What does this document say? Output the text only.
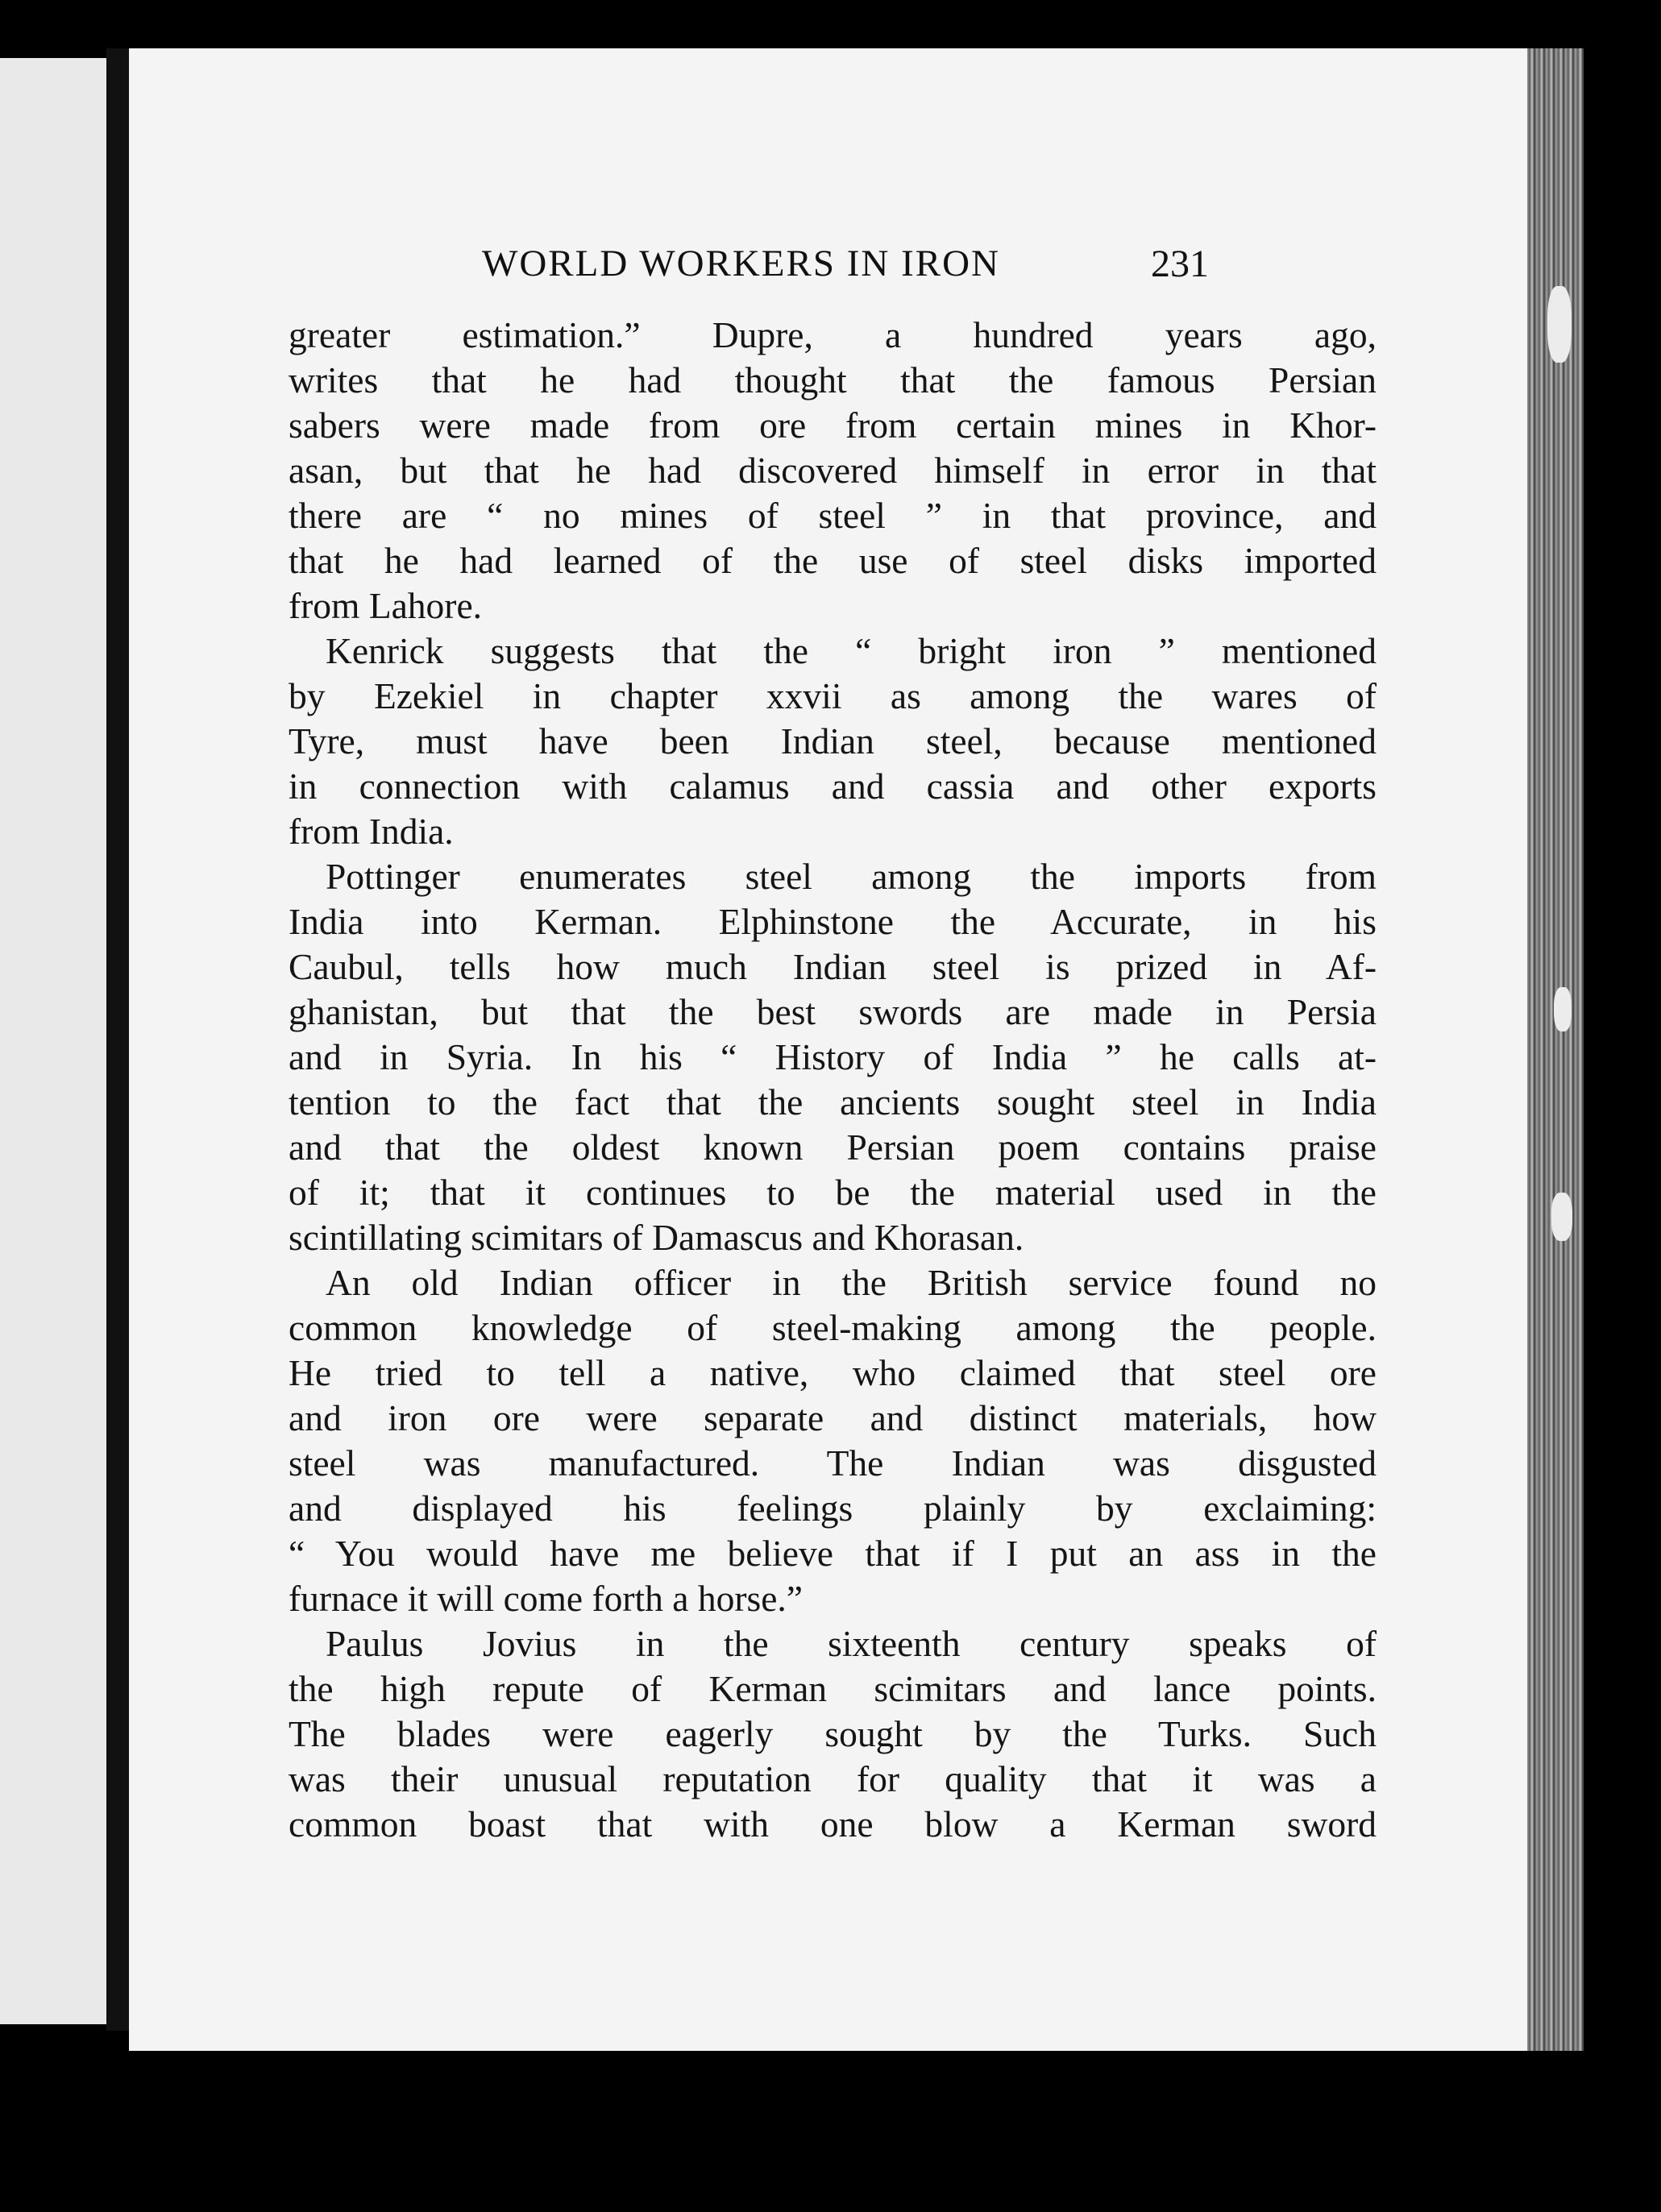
WORLD WORKERS IN IRON	231
greater estimation.” Dupre, a hundred years ago,
writes that he had thought that the famous Persian
sabers were made from ore from certain mines in Khor-
asan, but that he had discovered himself in error in that
there are “ no mines of steel ” in that province, and
that he had learned of the use of steel disks imported
from Lahore.
Kenrick suggests that the “ bright iron ” mentioned
by Ezekiel in chapter xxvii as among the wares of
Tyre, must have been Indian steel, because mentioned
in connection with calamus and cassia and other exports
from India.
Pottinger enumerates steel among the imports from
India into Kerman. Elphinstone the Accurate, in his
Caubul, tells how much Indian steel is prized in Af-
ghanistan, but that the best swords are made in Persia
and in Syria. In his “ History of India ” he calls at-
tention to the fact that the ancients sought steel in India
and that the oldest known Persian poem contains praise
of it; that it continues to be the material used in the
scintillating scimitars of Damascus and Khorasan.
An old Indian officer in the British service found no
common knowledge of steel-making among the people.
He tried to tell a native, who claimed that steel ore
and iron ore were separate and distinct materials, how
steel was manufactured. The Indian was disgusted
and displayed his feelings plainly by exclaiming:
“ You would have me believe that if I put an ass in the
furnace it will come forth a horse.”
Paulus Jovius in the sixteenth century speaks of
the high repute of Kerman scimitars and lance points.
The blades were eagerly sought by the Turks. Such
was their unusual reputation for quality that it was a
common boast that with one blow a Kerman sword
